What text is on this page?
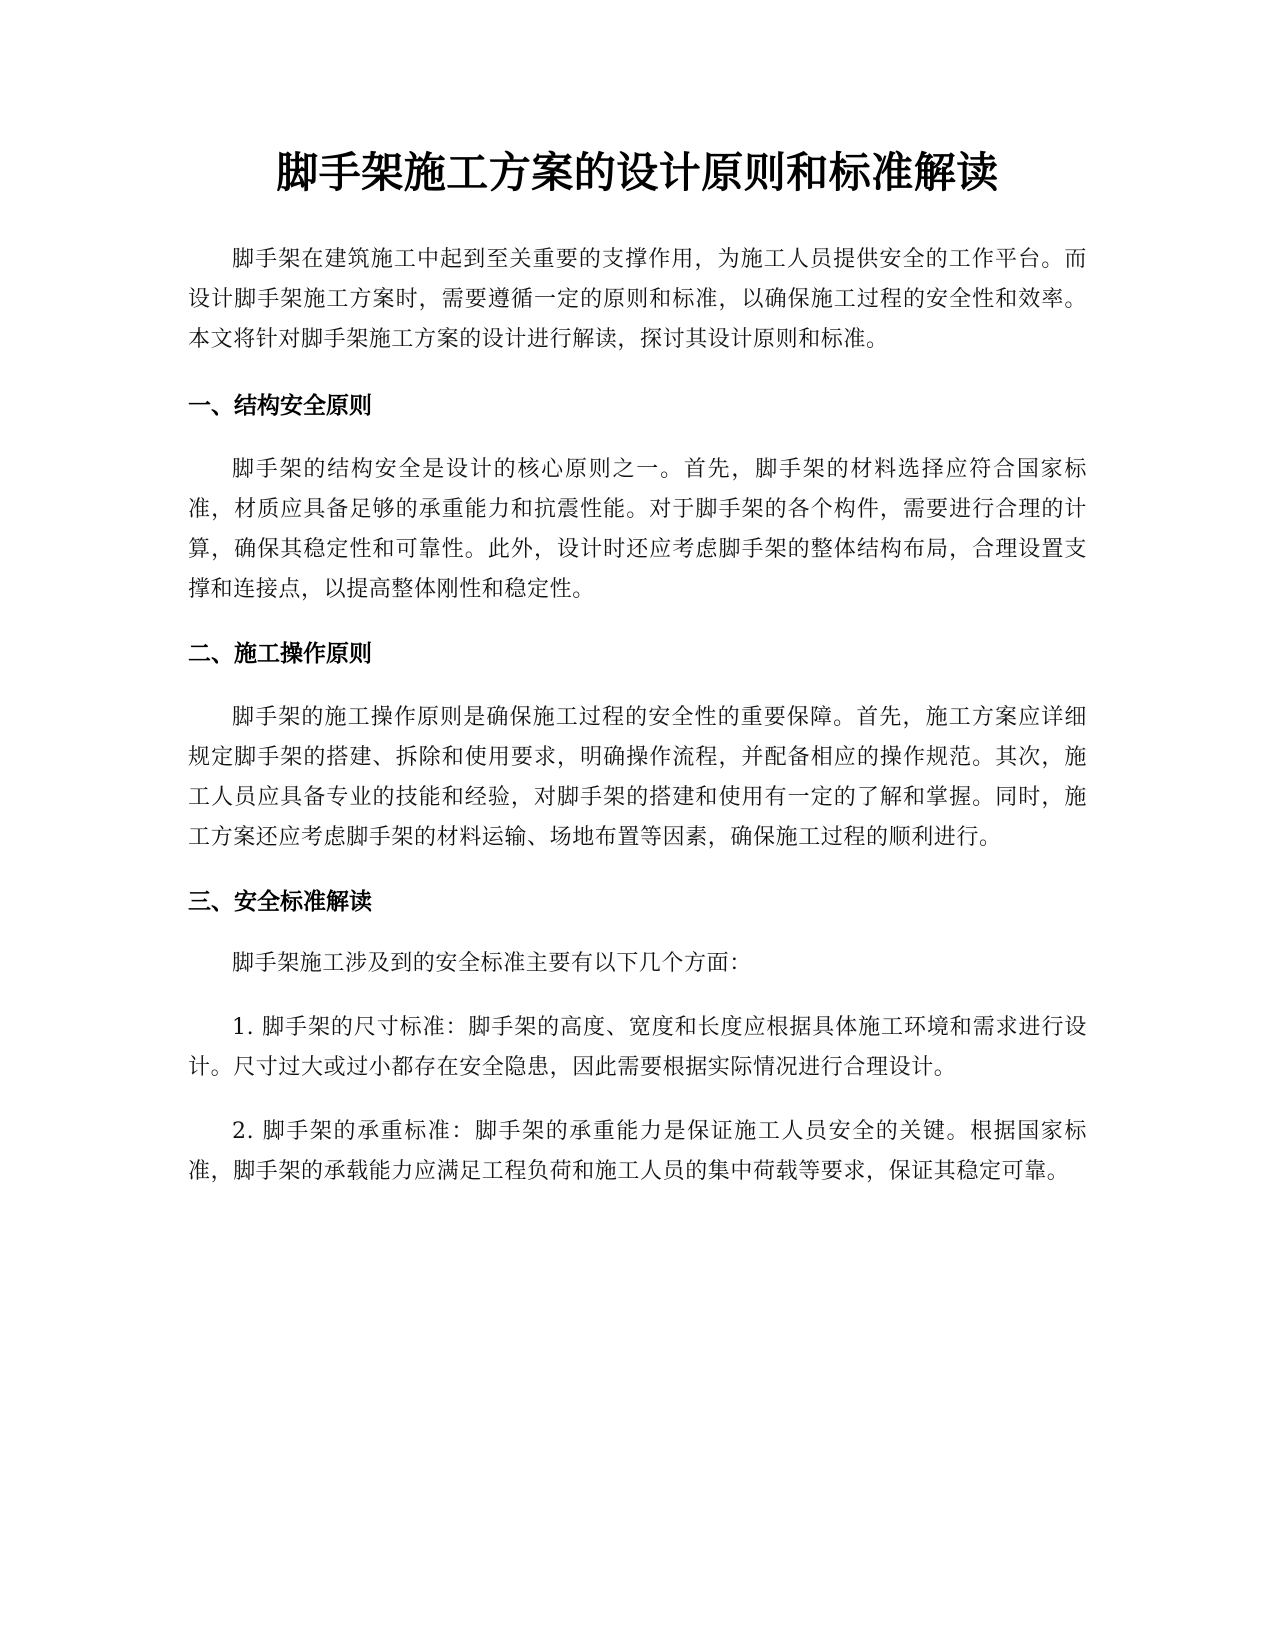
脚手架施工方案的设计原则和标准解读

脚手架在建筑施工中起到至关重要的支撑作用，为施工人员提供安全的工作平台。而设计脚手架施工方案时，需要遵循一定的原则和标准，以确保施工过程的安全性和效率。本文将针对脚手架施工方案的设计进行解读，探讨其设计原则和标准。

一、结构安全原则

脚手架的结构安全是设计的核心原则之一。首先，脚手架的材料选择应符合国家标准，材质应具备足够的承重能力和抗震性能。对于脚手架的各个构件，需要进行合理的计算，确保其稳定性和可靠性。此外，设计时还应考虑脚手架的整体结构布局，合理设置支撑和连接点，以提高整体刚性和稳定性。

二、施工操作原则

脚手架的施工操作原则是确保施工过程的安全性的重要保障。首先，施工方案应详细规定脚手架的搭建、拆除和使用要求，明确操作流程，并配备相应的操作规范。其次，施工人员应具备专业的技能和经验，对脚手架的搭建和使用有一定的了解和掌握。同时，施工方案还应考虑脚手架的材料运输、场地布置等因素，确保施工过程的顺利进行。

三、安全标准解读

脚手架施工涉及到的安全标准主要有以下几个方面：

1. 脚手架的尺寸标准：脚手架的高度、宽度和长度应根据具体施工环境和需求进行设计。尺寸过大或过小都存在安全隐患，因此需要根据实际情况进行合理设计。

2. 脚手架的承重标准：脚手架的承重能力是保证施工人员安全的关键。根据国家标准，脚手架的承载能力应满足工程负荷和施工人员的集中荷载等要求，保证其稳定可靠。
